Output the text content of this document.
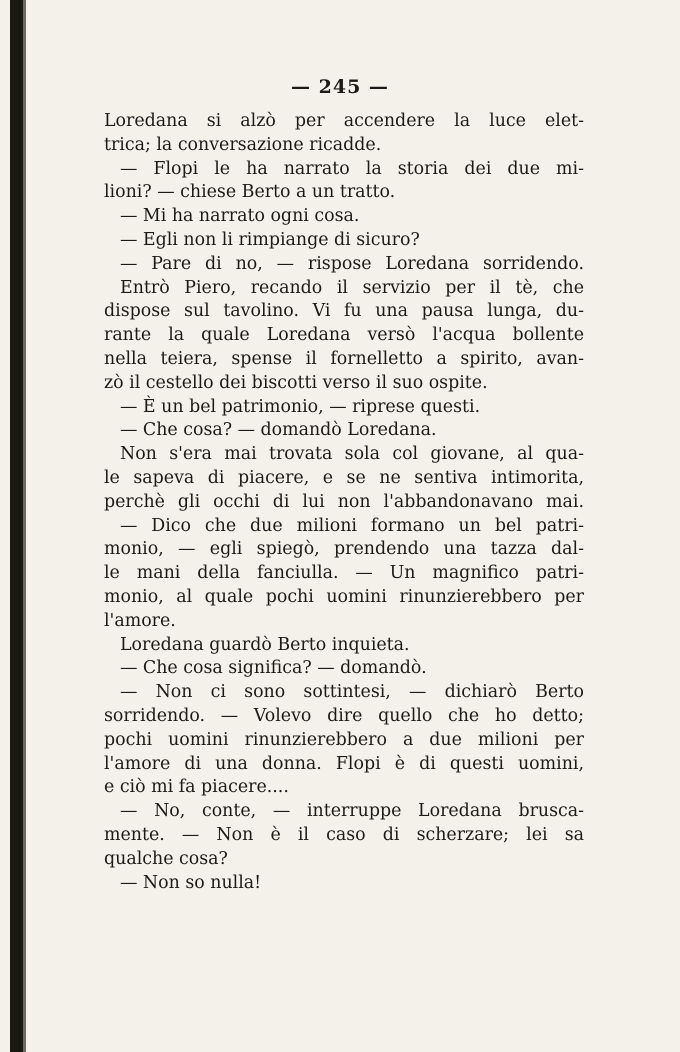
— 245 —
Loredana si alzò per accendere la luce elet-
trica; la conversazione ricadde.
— Flopi le ha narrato la storia dei due mi-
lioni? — chiese Berto a un tratto.
— Mi ha narrato ogni cosa.
— Egli non li rimpiange di sicuro?
— Pare di no, — rispose Loredana sorridendo.
Entrò Piero, recando il servizio per il tè, che
dispose sul tavolino. Vi fu una pausa lunga, du-
rante la quale Loredana versò l'acqua bollente
nella teiera, spense il fornelletto a spirito, avan-
zò il cestello dei biscotti verso il suo ospite.
— È un bel patrimonio, — riprese questi.
— Che cosa? — domandò Loredana.
Non s'era mai trovata sola col giovane, al qua-
le sapeva di piacere, e se ne sentiva intimorita,
perchè gli occhi di lui non l'abbandonavano mai.
— Dico che due milioni formano un bel patri-
monio, — egli spiegò, prendendo una tazza dal-
le mani della fanciulla. — Un magnifico patri-
monio, al quale pochi uomini rinunzierebbero per
l'amore.
Loredana guardò Berto inquieta.
— Che cosa significa? — domandò.
— Non ci sono sottintesi, — dichiarò Berto
sorridendo. — Volevo dire quello che ho detto;
pochi uomini rinunzierebbero a due milioni per
l'amore di una donna. Flopi è di questi uomini,
e ciò mi fa piacere....
— No, conte, — interruppe Loredana brusca-
mente. — Non è il caso di scherzare; lei sa
qualche cosa?
— Non so nulla!
